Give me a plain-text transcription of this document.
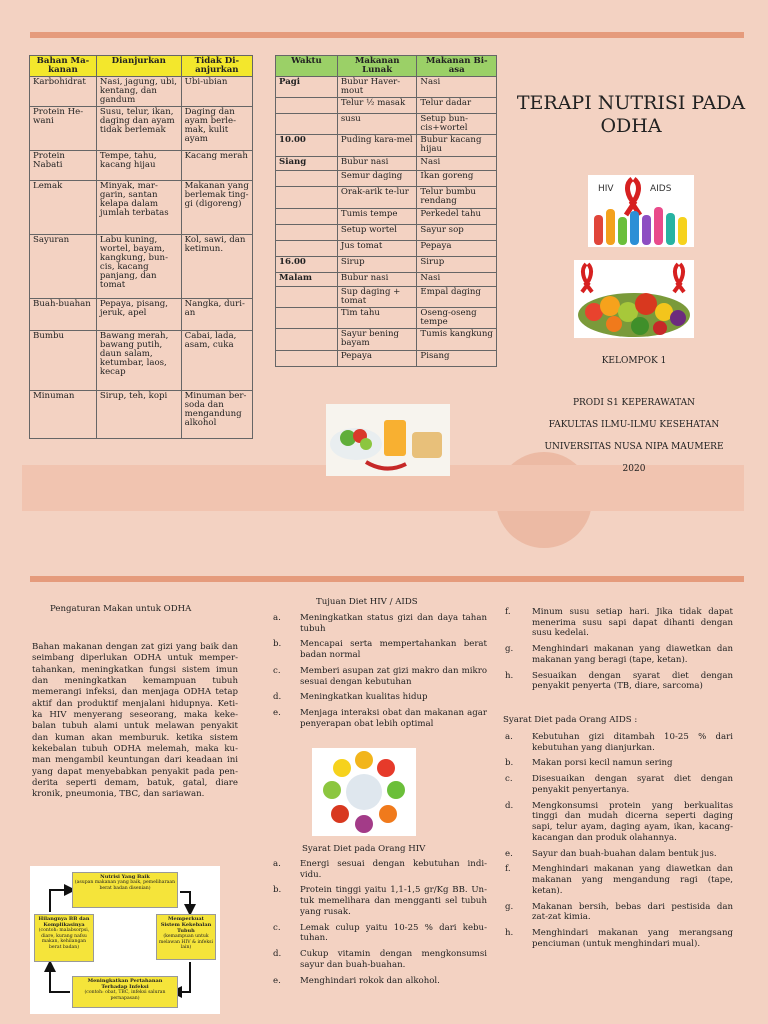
Bahan Ma-kanan	Dianjurkan	Tidak Di-anjurkan
Karbohidrat	Nasi, jagung, ubi, kentang, dan gandum	Ubi-ubian
Protein He-wani	Susu, telur, ikan, daging dan ayam tidak berlemak	Daging dan ayam berle-mak, kulit ayam
Protein Nabati	Tempe, tahu, kacang hijau	Kacang merah
Lemak	Minyak, mar-garin, santan kelapa dalam jumlah terbatas	Makanan yang berlemak ting-gi (digoreng)
Sayuran	Labu kuning, wortel, bayam, kangkung, bun-cis, kacang panjang, dan tomat	Kol, sawi, dan ketimun.
Buah-buahan	Pepaya, pisang, jeruk, apel	Nangka, duri-an
Bumbu	Bawang merah, bawang putih, daun salam, ketumbar, laos, kecap	Cabai, lada, asam, cuka
Minuman	Sirup, teh, kopi	Minuman ber-soda dan mengandung alkohol
Waktu	Makanan Lunak	Makanan Bi-asa
Pagi	Bubur Haver-mout	Nasi
	Telur ½ masak	Telur dadar
	susu	Setup bun-cis+wortel
10.00	Puding kara-mel	Bubur kacang hijau
Siang	Bubur nasi	Nasi
	Semur daging	Ikan goreng
	Orak-arik te-lur	Telur bumbu rendang
	Tumis tempe	Perkedel tahu
	Setup wortel	Sayur sop
	Jus tomat	Pepaya
16.00	Sirup	Sirup
Malam	Bubur nasi	Nasi
	Sup daging + tomat	Empal daging
	Tim tahu	Oseng-oseng tempe
	Sayur bening bayam	Tumis kangkung
	Pepaya	Pisang
TERAPI NUTRISI PADA ODHA
HIV	AIDS
KELOMPOK 1
PRODI S1 KEPERAWATAN
FAKULTAS ILMU-ILMU KESEHATAN
UNIVERSITAS NUSA NIPA MAUMERE
2020
Pengaturan Makan untuk ODHA
Bahan makanan dengan zat gizi yang baik dan seimbang diperlukan ODHA untuk memper-tahankan, meningkatkan fungsi sistem imun dan meningkatkan kemampuan tubuh memerangi infeksi, dan menjaga ODHA tetap aktif dan produktif menjalani hidupnya. Keti-ka HIV menyerang seseorang, maka keke-balan tubuh alami untuk melawan penyakit dan kuman akan memburuk. ketika sistem kekebalan tubuh ODHA melemah, maka ku-man mengambil keuntungan dari keadaan ini yang dapat menyebabkan penyakit pada pen-derita seperti demam, batuk, gatal, diare kronik, pneumonia, TBC, dan sariawan.
Nutrisi Yang Baik
(asupan makanan yang baik, pemeliharaan berat badan disenian)
Hilangnya BB dan Komplikasinya
(contoh: malabsorpsi, diare, kurang nafsu makan, kehilangan berat badan)
Memperkuat Sistem Kekebalan Tubuh
(kemampuan untuk melawan HIV & infeksi lain)
Meningkatkan Pertahanan Terhadap Infeksi
(contoh: obat, TBC, infeksi saluran pernapasan)
Tujuan Diet HIV / AIDS
a. Meningkatkan status gizi dan daya tahan tubuh
b. Mencapai serta mempertahankan berat badan normal
c. Memberi asupan zat gizi makro dan mikro sesuai dengan kebutuhan
d. Meningkatkan kualitas hidup
e. Menjaga interaksi obat dan makanan agar penyerapan obat lebih optimal
Syarat Diet pada Orang HIV
a. Energi sesuai dengan kebutuhan indi-vidu.
b. Protein tinggi yaitu 1,1-1,5 gr/Kg BB. Un-tuk memelihara dan mengganti sel tubuh yang rusak.
c. Lemak culup yaitu 10-25 % dari kebu-tuhan.
d. Cukup vitamin dengan mengkonsumsi sayur dan buah-buahan.
e. Menghindari rokok dan alkohol.
f. Minum susu setiap hari. Jika tidak dapat menerima susu sapi dapat dihanti dengan susu kedelai.
g. Menghindari makanan yang diawetkan dan makanan yang beragi (tape, ketan).
h. Sesuaikan dengan syarat diet dengan penyakit penyerta (TB, diare, sarcoma)
Syarat Diet pada Orang AIDS :
a. Kebutuhan gizi ditambah 10-25 % dari kebutuhan yang dianjurkan.
b. Makan porsi kecil namun sering
c. Disesuaikan dengan syarat diet dengan penyakit penyertanya.
d. Mengkonsumsi protein yang berkualitas tinggi dan mudah dicerna seperti daging sapi, telur ayam, daging ayam, ikan, kacang-kacangan dan produk olahannya.
e. Sayur dan buah-buahan dalam bentuk jus.
f. Menghindari makanan yang diawetkan dan makanan yang mengandung ragi (tape, ketan).
g. Makanan bersih, bebas dari pestisida dan zat-zat kimia.
h. Menghindari makanan yang merangsang penciuman (untuk menghindari mual).
